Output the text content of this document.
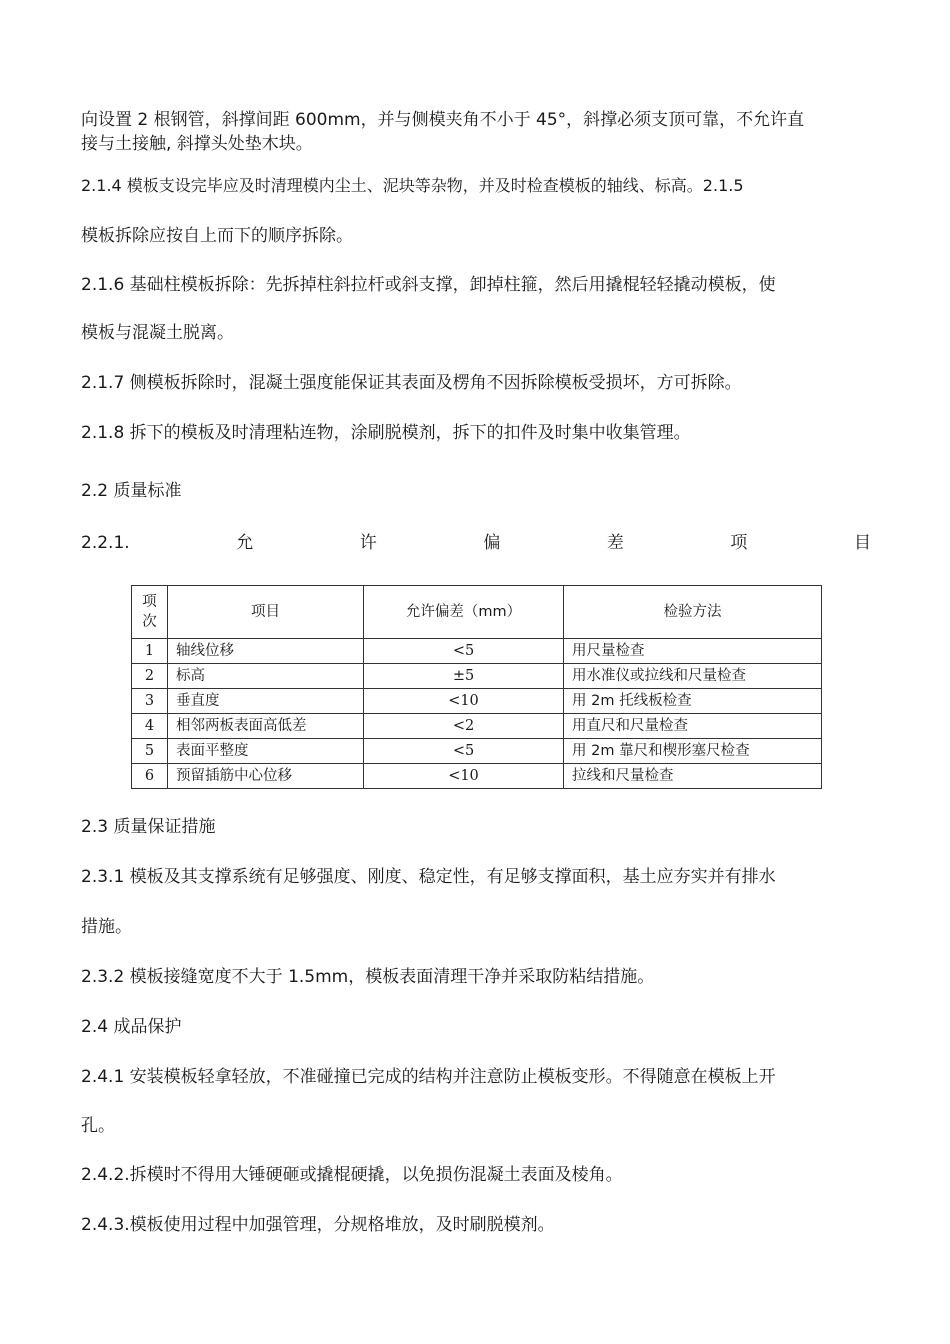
向设置 2 根钢管，斜撑间距 600mm，并与侧模夹角不小于 45°，斜撑必须支顶可靠，不允许直
接与土接触, 斜撑头处垫木块。
2.1.4 模板支设完毕应及时清理模内尘土、泥块等杂物，并及时检查模板的轴线、标高。2.1.5
模板拆除应按自上而下的顺序拆除。
2.1.6 基础柱模板拆除：先拆掉柱斜拉杆或斜支撑，卸掉柱箍，然后用撬棍轻轻撬动模板，使
模板与混凝土脱离。
2.1.7 侧模板拆除时，混凝土强度能保证其表面及楞角不因拆除模板受损坏，方可拆除。
2.1.8 拆下的模板及时清理粘连物，涂刷脱模剂，拆下的扣件及时集中收集管理。
2.2 质量标准
2.2.1.	允	许	偏	差	项	目
项
次	项目	允许偏差（mm）	检验方法
1	轴线位移	<5	用尺量检查
2	标高	±5	用水准仪或拉线和尺量检查
3	垂直度	<10	用 2m 托线板检查
4	相邻两板表面高低差	<2	用直尺和尺量检查
5	表面平整度	<5	用 2m 靠尺和楔形塞尺检查
6	预留插筋中心位移	<10	拉线和尺量检查
2.3 质量保证措施
2.3.1 模板及其支撑系统有足够强度、刚度、稳定性，有足够支撑面积，基土应夯实并有排水
措施。
2.3.2 模板接缝宽度不大于 1.5mm，模板表面清理干净并采取防粘结措施。
2.4 成品保护
2.4.1 安装模板轻拿轻放，不准碰撞已完成的结构并注意防止模板变形。不得随意在模板上开
孔。
2.4.2.拆模时不得用大锤硬砸或撬棍硬撬，以免损伤混凝土表面及棱角。
2.4.3.模板使用过程中加强管理，分规格堆放，及时刷脱模剂。
